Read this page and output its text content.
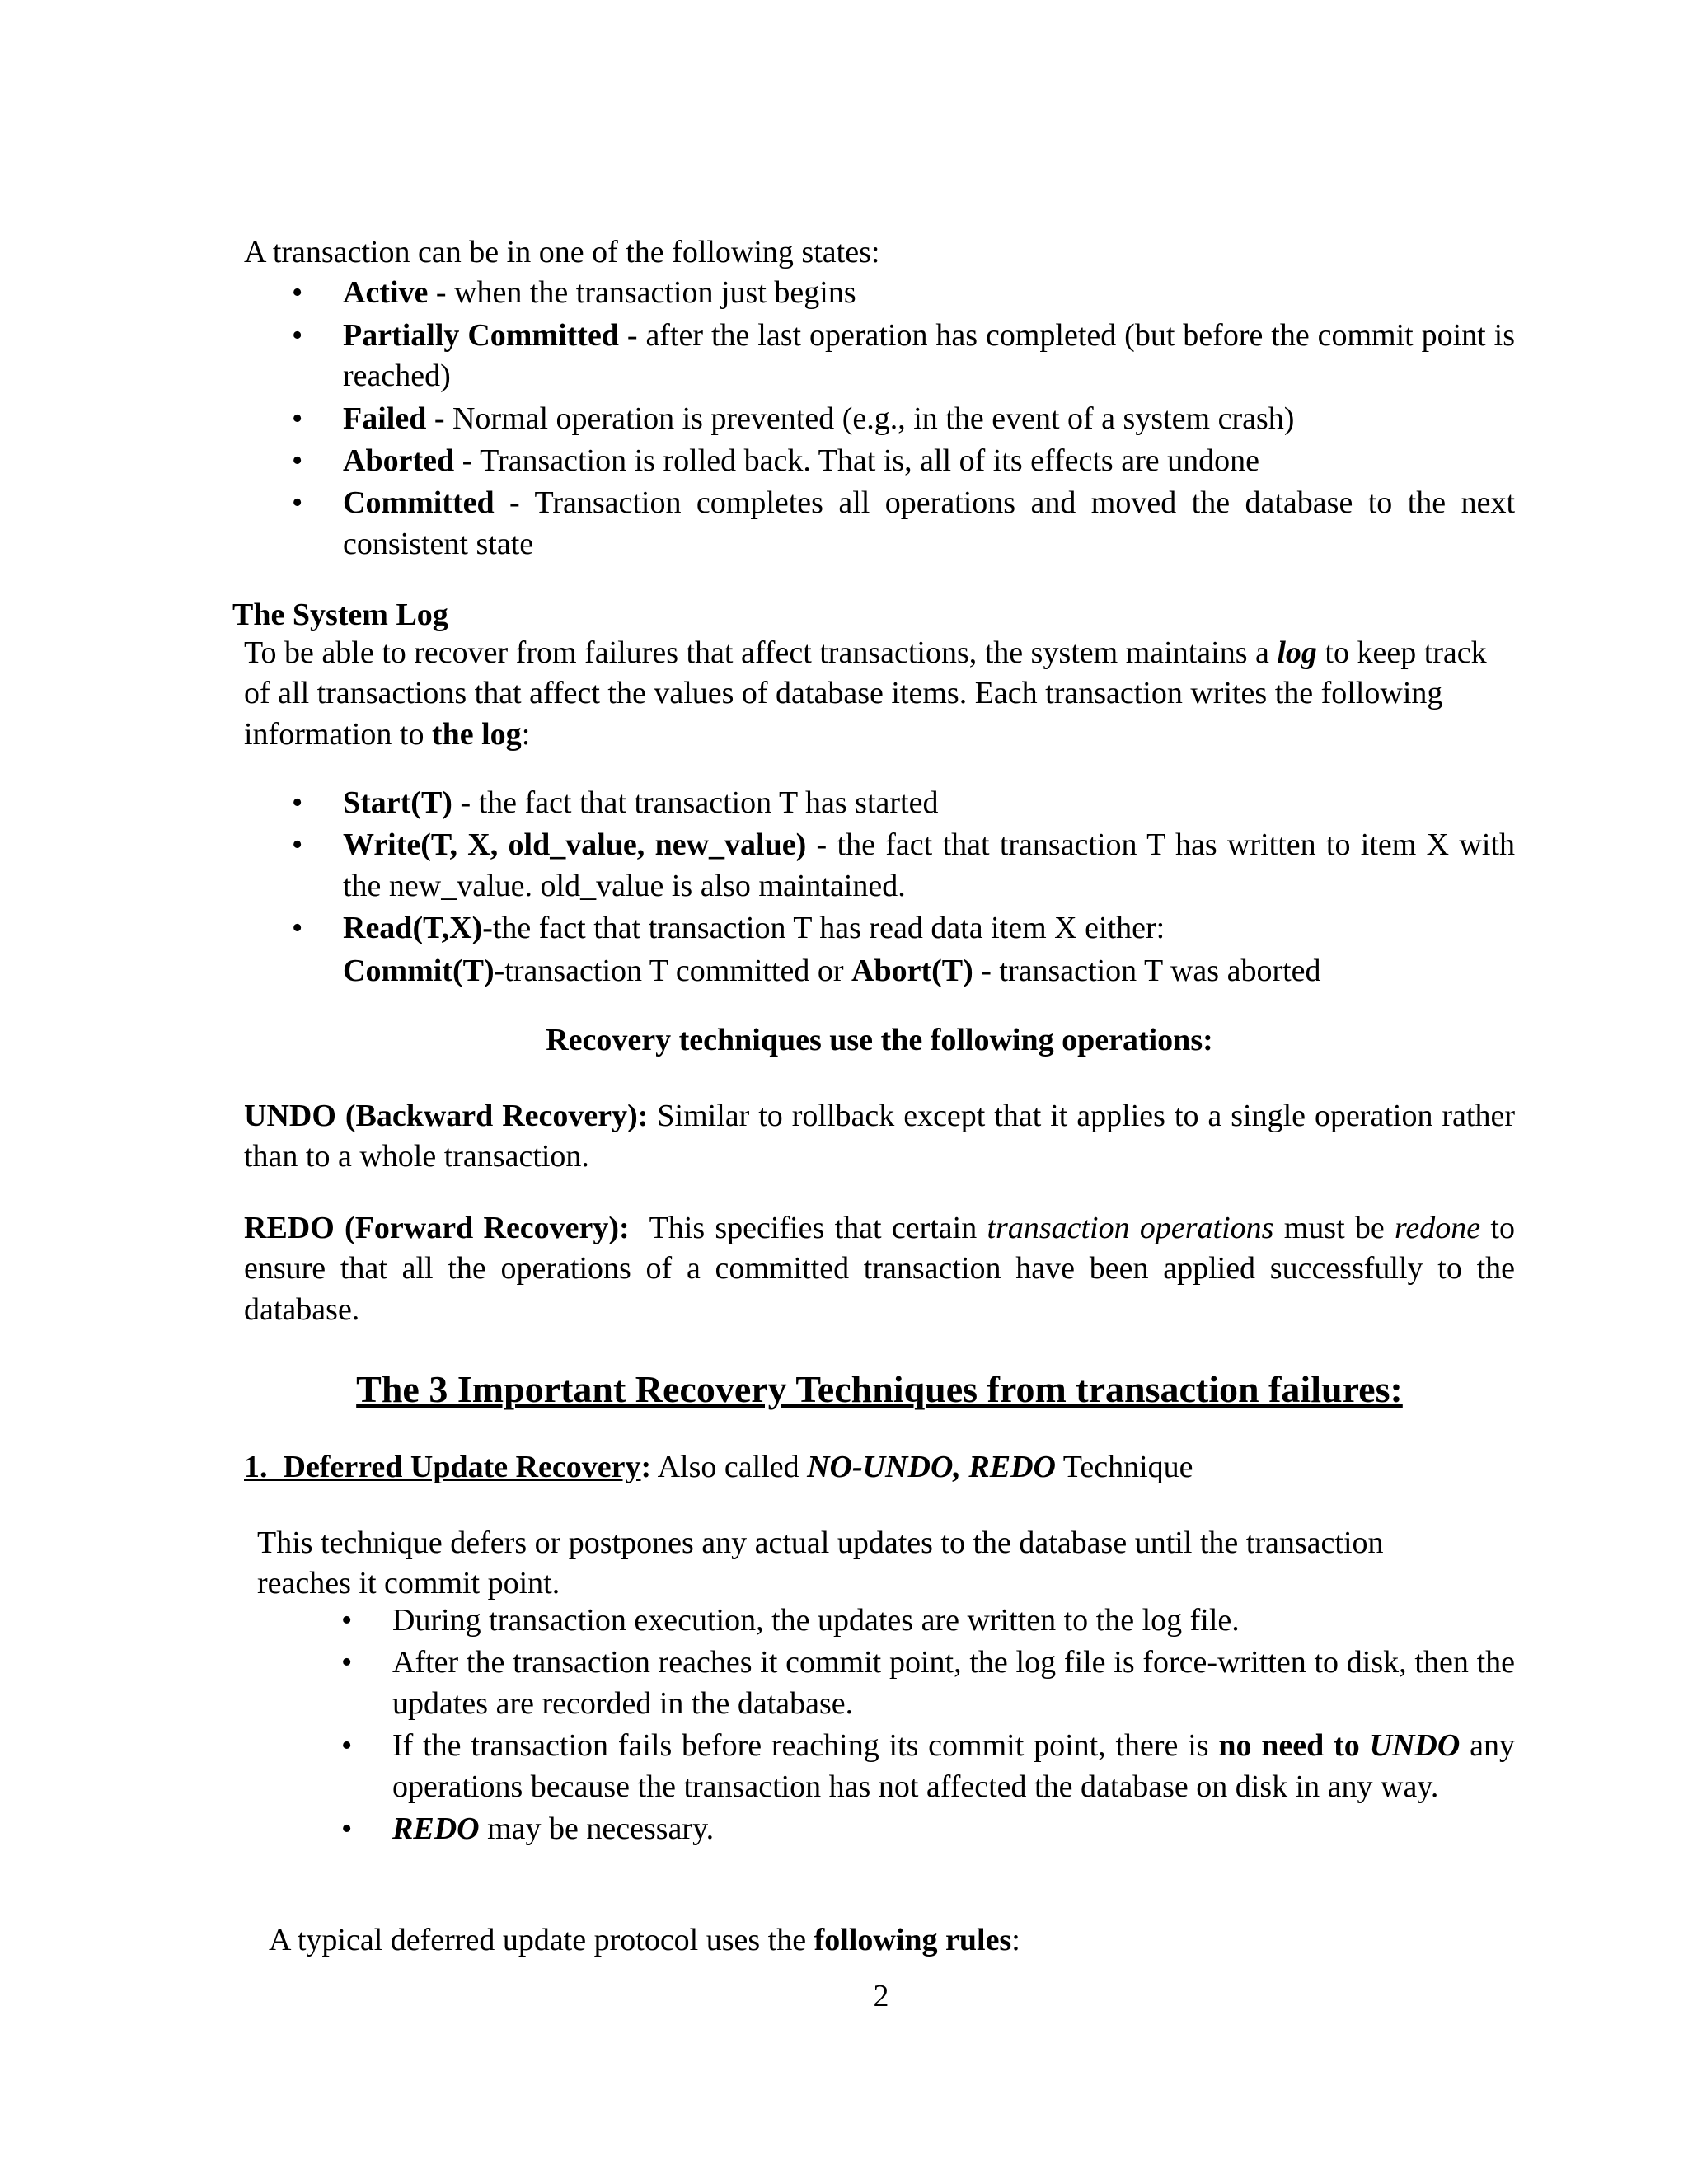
A transaction can be in one of the following states:

• Active - when the transaction just begins
• Partially Committed - after the last operation has completed (but before the commit point is reached)
• Failed - Normal operation is prevented (e.g., in the event of a system crash)
• Aborted - Transaction is rolled back. That is, all of its effects are undone
• Committed - Transaction completes all operations and moved the database to the next consistent state

The System Log

To be able to recover from failures that affect transactions, the system maintains a log to keep track of all transactions that affect the values of database items. Each transaction writes the following information to the log:

• Start(T) - the fact that transaction T has started
• Write(T, X, old_value, new_value) - the fact that transaction T has written to item X with the new_value. old_value is also maintained.
• Read(T,X)-the fact that transaction T has read data item X either:

Commit(T)-transaction T committed or Abort(T) - transaction T was aborted

Recovery techniques use the following operations:

UNDO (Backward Recovery): Similar to rollback except that it applies to a single operation rather than to a whole transaction.

REDO (Forward Recovery):  This specifies that certain transaction operations must be redone to ensure that all the operations of a committed transaction have been applied successfully to the database.

The 3 Important Recovery Techniques from transaction failures:

1.  Deferred Update Recovery: Also called NO-UNDO, REDO Technique

This technique defers or postpones any actual updates to the database until the transaction reaches it commit point.

• During transaction execution, the updates are written to the log file.
• After the transaction reaches it commit point, the log file is force-written to disk, then the updates are recorded in the database.
• If the transaction fails before reaching its commit point, there is no need to UNDO any operations because the transaction has not affected the database on disk in any way.
• REDO may be necessary.

A typical deferred update protocol uses the following rules:

2
